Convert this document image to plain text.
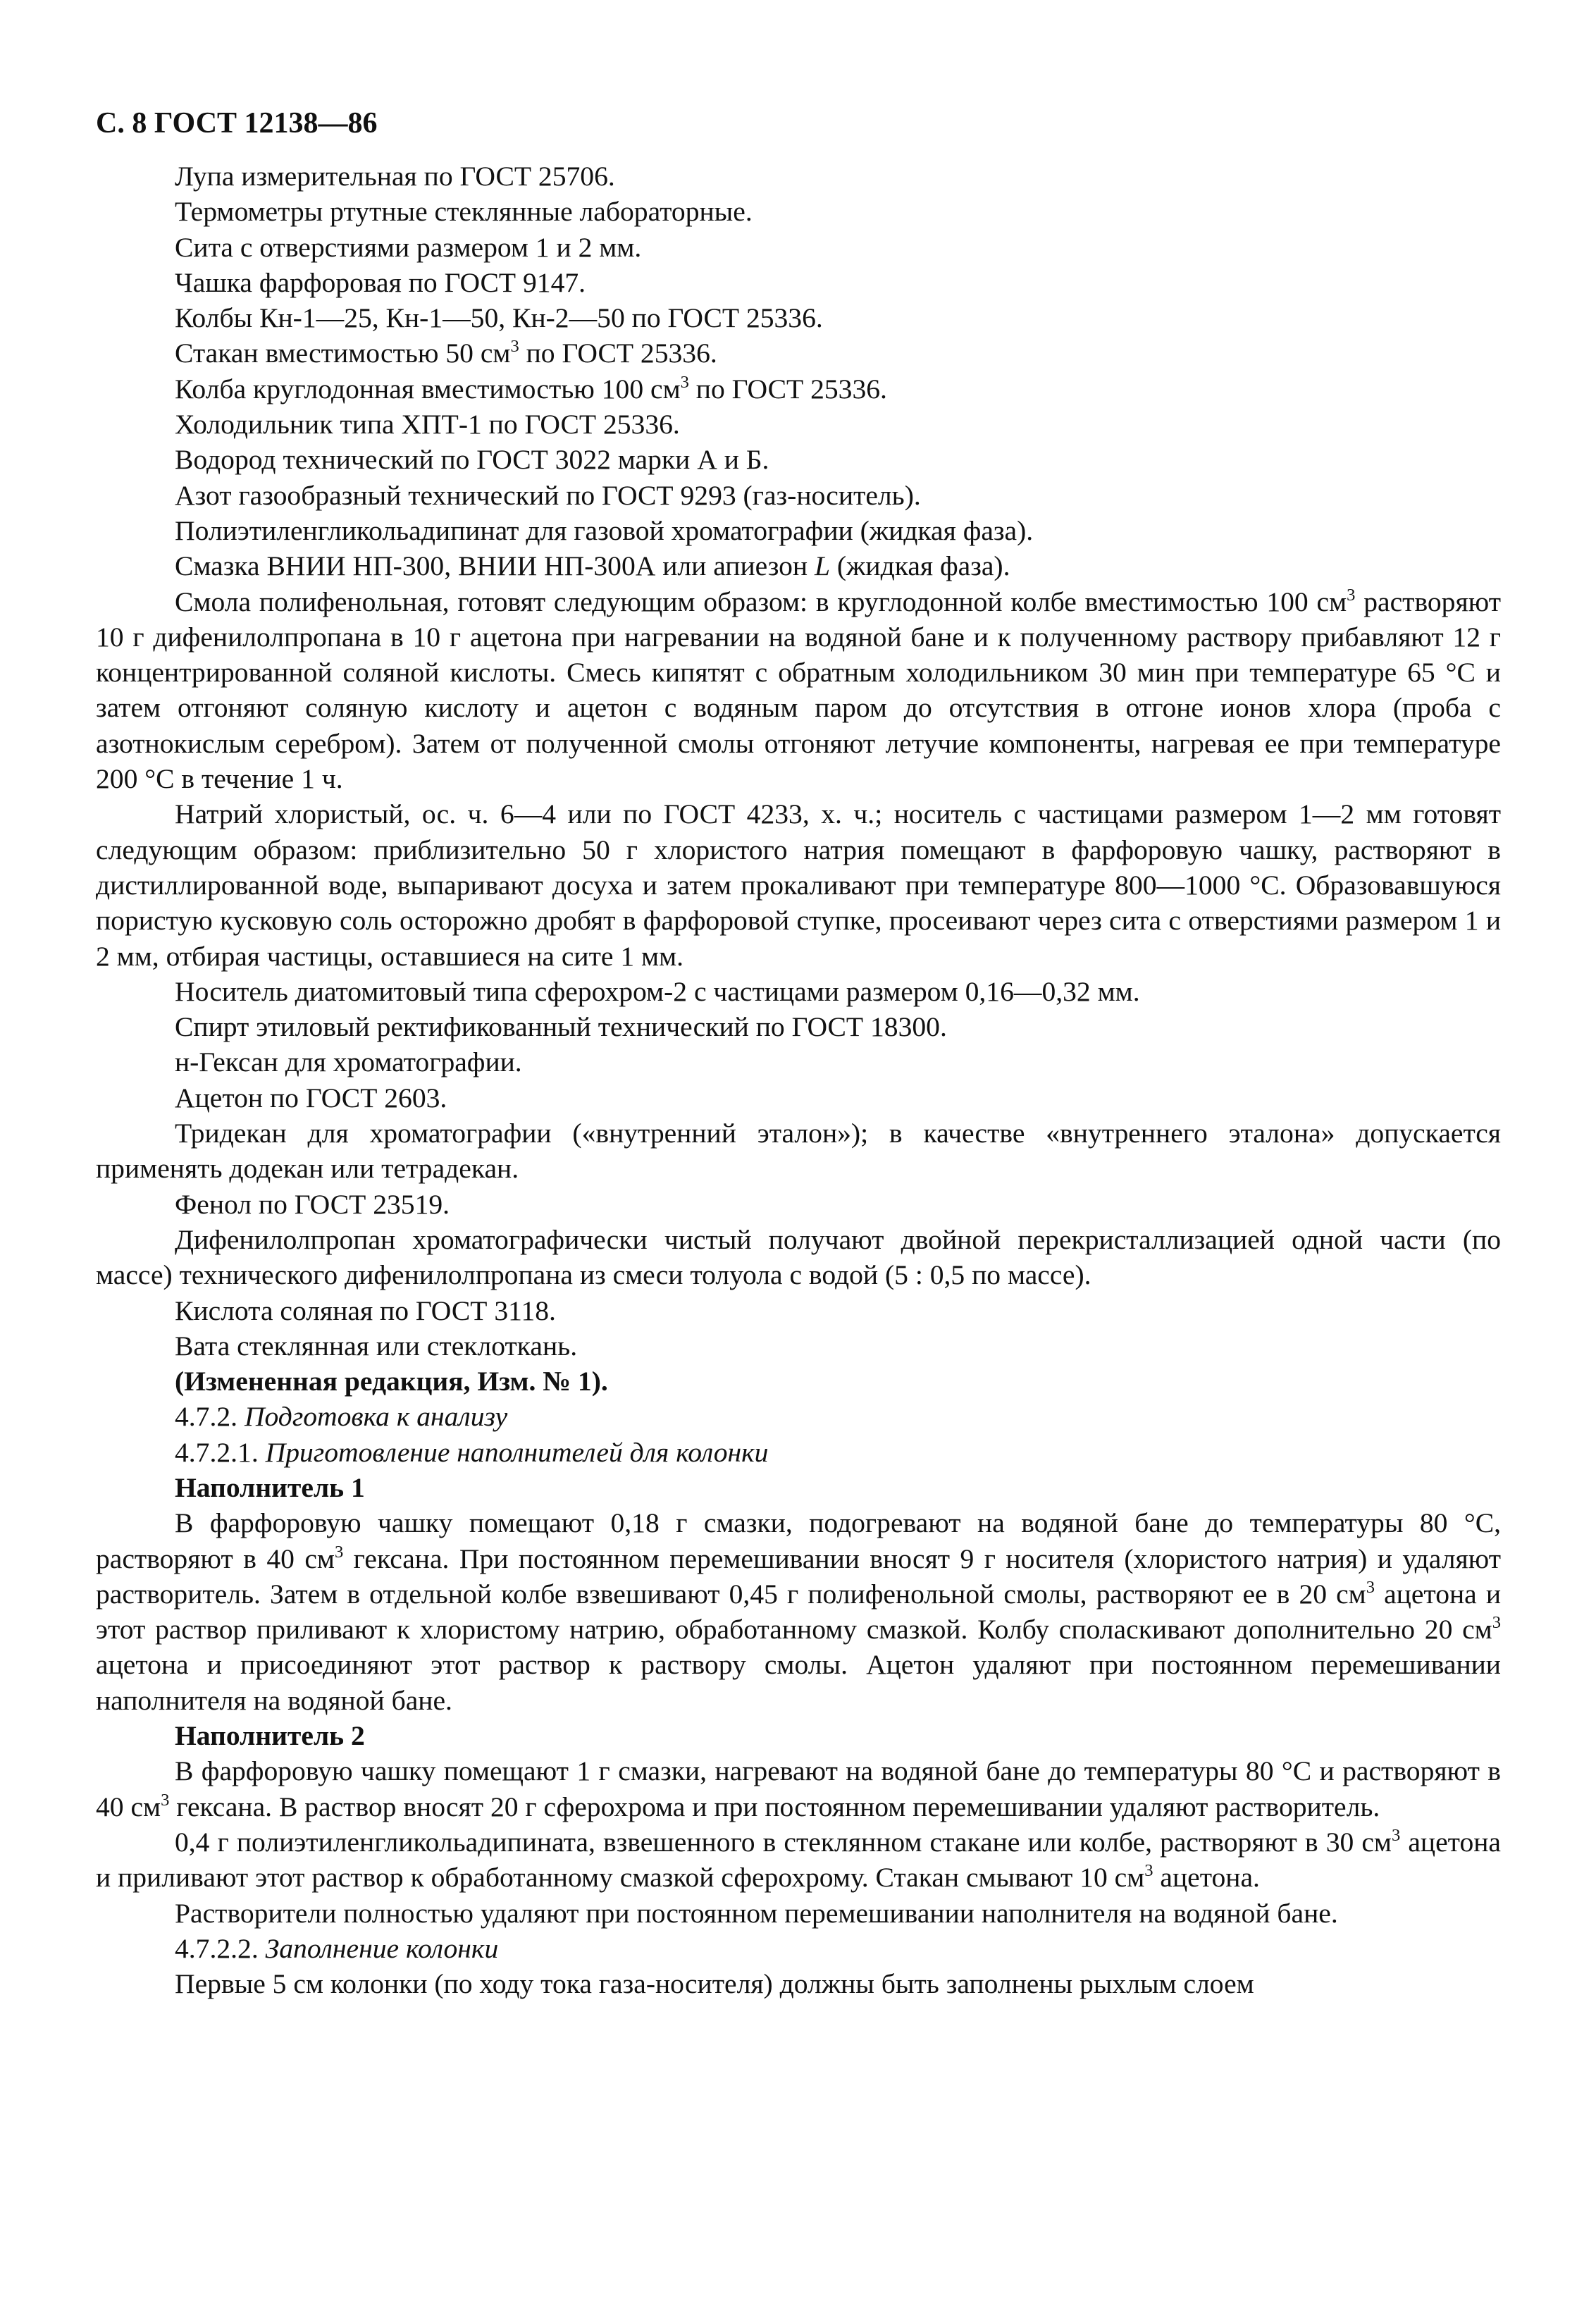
С. 8 ГОСТ 12138—86

Лупа измерительная по ГОСТ 25706.

Термометры ртутные стеклянные лабораторные.

Сита с отверстиями размером 1 и 2 мм.

Чашка фарфоровая по ГОСТ 9147.

Колбы Кн-1—25, Кн-1—50, Кн-2—50 по ГОСТ 25336.

Стакан вместимостью 50 $см^3$ по ГОСТ 25336.

Колба круглодонная вместимостью 100 $см^3$ по ГОСТ 25336.

Холодильник типа ХПТ-1 по ГОСТ 25336.

Водород технический по ГОСТ 3022 марки А и Б.

Азот газообразный технический по ГОСТ 9293 (газ-носитель).

Полиэтиленгликольадипинат для газовой хроматографии (жидкая фаза).

Смазка ВНИИ НП-300, ВНИИ НП-300А или апиезон L (жидкая фаза).

Смола полифенольная, готовят следующим образом: в круглодонной колбе вместимостью 100 $см^3$ растворяют 10 г дифенилолпропана в 10 г ацетона при нагревании на водяной бане и к полученному раствору прибавляют 12 г концентрированной соляной кислоты. Смесь кипятят с обратным холодильником 30 мин при температуре 65 °С и затем отгоняют соляную кислоту и ацетон с водяным паром до отсутствия в отгоне ионов хлора (проба с азотнокислым серебром). Затем от полученной смолы отгоняют летучие компоненты, нагревая ее при температуре 200 °С в течение 1 ч.

Натрий хлористый, ос. ч. 6—4 или по ГОСТ 4233, х. ч.; носитель с частицами размером 1—2 мм готовят следующим образом: приблизительно 50 г хлористого натрия помещают в фарфоровую чашку, растворяют в дистиллированной воде, выпаривают досуха и затем прокаливают при температуре 800—1000 °С. Образовавшуюся пористую кусковую соль осторожно дробят в фарфоровой ступке, просеивают через сита с отверстиями размером 1 и 2 мм, отбирая частицы, оставшиеся на сите 1 мм.

Носитель диатомитовый типа сферохром-2 с частицами размером 0,16—0,32 мм.

Спирт этиловый ректификованный технический по ГОСТ 18300.

н-Гексан для хроматографии.

Ацетон по ГОСТ 2603.

Тридекан для хроматографии («внутренний эталон»); в качестве «внутреннего эталона» допускается применять додекан или тетрадекан.

Фенол по ГОСТ 23519.

Дифенилолпропан хроматографически чистый получают двойной перекристаллизацией одной части (по массе) технического дифенилолпропана из смеси толуола с водой (5 : 0,5 по массе).

Кислота соляная по ГОСТ 3118.

Вата стеклянная или стеклоткань.

(Измененная редакция, Изм. № 1).

4.7.2. Подготовка к анализу

4.7.2.1. Приготовление наполнителей для колонки

Наполнитель 1

В фарфоровую чашку помещают 0,18 г смазки, подогревают на водяной бане до температуры 80 °С, растворяют в 40 $см^3$ гексана. При постоянном перемешивании вносят 9 г носителя (хлористого натрия) и удаляют растворитель. Затем в отдельной колбе взвешивают 0,45 г полифенольной смолы, растворяют ее в 20 $см^3$ ацетона и этот раствор приливают к хлористому натрию, обработанному смазкой. Колбу споласкивают дополнительно 20 $см^3$ ацетона и присоединяют этот раствор к раствору смолы. Ацетон удаляют при постоянном перемешивании наполнителя на водяной бане.

Наполнитель 2

В фарфоровую чашку помещают 1 г смазки, нагревают на водяной бане до температуры 80 °С и растворяют в 40 $см^3$ гексана. В раствор вносят 20 г сферохрома и при постоянном перемешивании удаляют растворитель.

0,4 г полиэтиленгликольадипината, взвешенного в стеклянном стакане или колбе, растворяют в 30 $см^3$ ацетона и приливают этот раствор к обработанному смазкой сферохрому. Стакан смывают 10 $см^3$ ацетона.

Растворители полностью удаляют при постоянном перемешивании наполнителя на водяной бане.

4.7.2.2. Заполнение колонки

Первые 5 см колонки (по ходу тока газа-носителя) должны быть заполнены рыхлым слоем
